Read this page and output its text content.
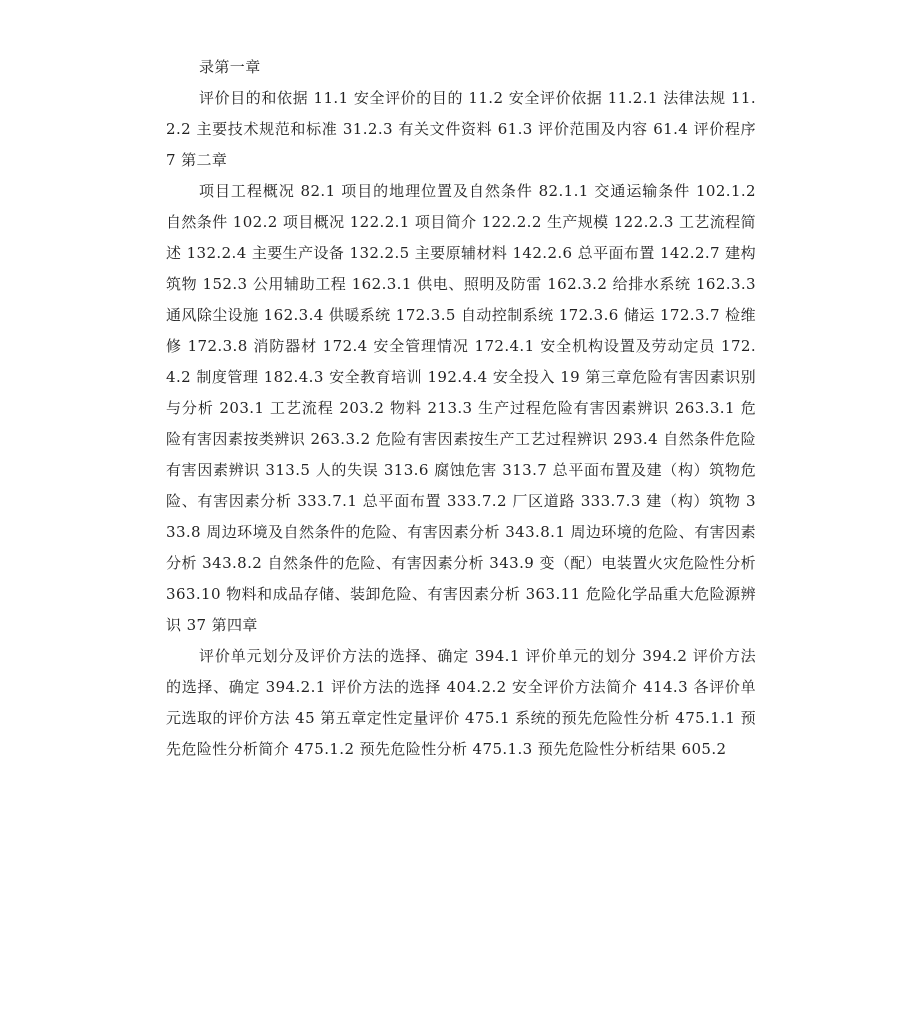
录第一章

评价目的和依据 11.1 安全评价的目的 11.2 安全评价依据 11.2.1 法律法规 11.2.2 主要技术规范和标准 31.2.3 有关文件资料 61.3 评价范围及内容 61.4 评价程序 7 第二章

项目工程概况 82.1 项目的地理位置及自然条件 82.1.1 交通运输条件 102.1.2 自然条件 102.2 项目概况 122.2.1 项目简介 122.2.2 生产规模 122.2.3 工艺流程简述 132.2.4 主要生产设备 132.2.5 主要原辅材料 142.2.6 总平面布置 142.2.7 建构筑物 152.3 公用辅助工程 162.3.1 供电、照明及防雷 162.3.2 给排水系统 162.3.3 通风除尘设施 162.3.4 供暖系统 172.3.5 自动控制系统 172.3.6 储运 172.3.7 检维修 172.3.8 消防器材 172.4 安全管理情况 172.4.1 安全机构设置及劳动定员 172.4.2 制度管理 182.4.3 安全教育培训 192.4.4 安全投入 19 第三章危险有害因素识别与分析 203.1 工艺流程 203.2 物料 213.3 生产过程危险有害因素辨识 263.3.1 危险有害因素按类辨识 263.3.2 危险有害因素按生产工艺过程辨识 293.4 自然条件危险有害因素辨识 313.5 人的失误 313.6 腐蚀危害 313.7 总平面布置及建（构）筑物危险、有害因素分析 333.7.1 总平面布置 333.7.2 厂区道路 333.7.3 建（构）筑物 333.8 周边环境及自然条件的危险、有害因素分析 343.8.1 周边环境的危险、有害因素分析 343.8.2 自然条件的危险、有害因素分析 343.9 变（配）电装置火灾危险性分析 363.10 物料和成品存储、装卸危险、有害因素分析 363.11 危险化学品重大危险源辨识 37 第四章

评价单元划分及评价方法的选择、确定 394.1 评价单元的划分 394.2 评价方法的选择、确定 394.2.1 评价方法的选择 404.2.2 安全评价方法简介 414.3 各评价单元选取的评价方法 45 第五章定性定量评价 475.1 系统的预先危险性分析 475.1.1 预先危险性分析简介 475.1.2 预先危险性分析 475.1.3 预先危险性分析结果 605.2
